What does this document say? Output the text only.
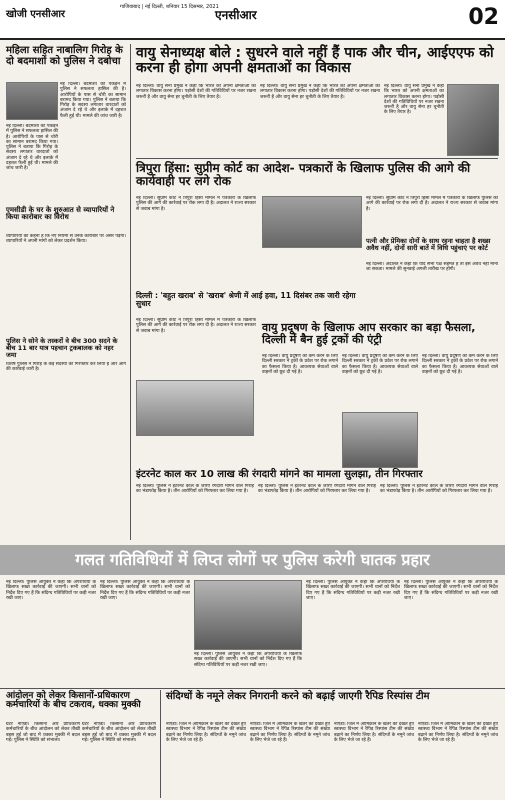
खोजी एनसीआर
गाजियाबाद | नई दिल्ली, शनिवार 15 दिसम्बर, 2021
एनसीआर	02
महिला सहित नाबालिग गिरोह के दो बदमाशों को पुलिस ने दबोचा
नई दिल्ली। बदमाशों को पकड़ने में पुलिस ने सफलता हासिल की है। आरोपियों के पास से चोरी का सामान बरामद किया गया। पुलिस ने बताया कि गिरोह के सदस्य लगातार वारदातों को अंजाम दे रहे थे और इलाके में दहशत फैली हुई थी। मामले की जांच जारी है।
नई दिल्ली। बदमाशों को पकड़ने में पुलिस ने सफलता हासिल की है। आरोपियों के पास से चोरी का सामान बरामद किया गया। पुलिस ने बताया कि गिरोह के सदस्य लगातार वारदातों को अंजाम दे रहे थे और इलाके में दहशत फैली हुई थी। मामले की जांच जारी है।
एमसीडी के घर के शुरुआत से व्यापारियों ने किया कारोबार का विरोध
व्यापारियों का कहना है कि नए नियमों से उनके कारोबार पर असर पड़ेगा। व्यापारियों ने अपनी मांगों को लेकर प्रदर्शन किया।
पुलिस ने सोने के तस्करों वे बीच 300 सदने के बीच 11 बार यात्र पहचान ट्रकबालक को नहर जमा
विशेष पुलिस ने गिरोह के कई सदस्यों को गिरफ्तार कर लिया है और आगे की कार्रवाई जारी है।
वायु सेनाध्यक्ष बोले : सुधरने वाले नहीं हैं पाक और चीन, आईएएफ को करना ही होगा अपनी क्षमताओं का विकास
नई दिल्ली। वायु सेना प्रमुख ने कहा कि भारत को अपनी क्षमताओं का लगातार विकास करना होगा। पड़ोसी देशों की गतिविधियों पर नजर रखना जरूरी है और वायु सेना हर चुनौती के लिए तैयार है।
नई दिल्ली। वायु सेना प्रमुख ने कहा कि भारत को अपनी क्षमताओं का लगातार विकास करना होगा। पड़ोसी देशों की गतिविधियों पर नजर रखना जरूरी है और वायु सेना हर चुनौती के लिए तैयार है।
नई दिल्ली। वायु सेना प्रमुख ने कहा कि भारत को अपनी क्षमताओं का लगातार विकास करना होगा। पड़ोसी देशों की गतिविधियों पर नजर रखना जरूरी है और वायु सेना हर चुनौती के लिए तैयार है।
त्रिपुरा हिंसा: सुप्रीम कोर्ट का आदेश- पत्रकारों के खिलाफ पुलिस की आगे की कार्यवाही पर लगे रोक
नई दिल्ली। सुप्रीम कोर्ट ने त्रिपुरा हिंसा मामले में पत्रकारों के खिलाफ पुलिस की आगे की कार्रवाई पर रोक लगा दी है। अदालत ने राज्य सरकार से जवाब मांगा है।
नई दिल्ली। सुप्रीम कोर्ट ने त्रिपुरा हिंसा मामले में पत्रकारों के खिलाफ पुलिस की आगे की कार्रवाई पर रोक लगा दी है। अदालत ने राज्य सरकार से जवाब मांगा है।
पत्नी और प्रेमिका दोनों के साथ रहना चाहता है शख्स अवैध नहीं, दोनों सारी बातें में विधि पहुंचाएं पर कोर्ट
नई दिल्ली। अदालत ने कहा कि यदि सभी पक्ष सहमत हैं तो इसे अवैध नहीं माना जा सकता। मामले की सुनवाई अगली तारीख पर होगी।
दिल्ली : 'बहुत खराब' से 'खराब' श्रेणी में आई हवा, 11 दिसंबर तक जारी रहेगा सुधार
नई दिल्ली। सुप्रीम कोर्ट ने त्रिपुरा हिंसा मामले में पत्रकारों के खिलाफ पुलिस की आगे की कार्रवाई पर रोक लगा दी है। अदालत ने राज्य सरकार से जवाब मांगा है।	वायु प्रदूषण के खिलाफ आप सरकार का बड़ा फैसला, दिल्ली में बैन हुई ट्रकों की एंट्री
नई दिल्ली। वायु प्रदूषण को कम करने के लिए दिल्ली सरकार ने ट्रकों के प्रवेश पर रोक लगाने का फैसला किया है। आवश्यक सेवाओं वाले वाहनों को छूट दी गई है।
नई दिल्ली। वायु प्रदूषण को कम करने के लिए दिल्ली सरकार ने ट्रकों के प्रवेश पर रोक लगाने का फैसला किया है। आवश्यक सेवाओं वाले वाहनों को छूट दी गई है।
नई दिल्ली। वायु प्रदूषण को कम करने के लिए दिल्ली सरकार ने ट्रकों के प्रवेश पर रोक लगाने का फैसला किया है। आवश्यक सेवाओं वाले वाहनों को छूट दी गई है।
इंटरनेट काल कर 10 लाख की रंगदारी मांगने का मामला सुलझा, तीन गिरफ्तार
नई दिल्ली। पुलिस ने इंटरनेट कॉल के जरिए रंगदारी मांगने वाले गिरोह का भंडाफोड़ किया है। तीन आरोपियों को गिरफ्तार कर लिया गया है।
नई दिल्ली। पुलिस ने इंटरनेट कॉल के जरिए रंगदारी मांगने वाले गिरोह का भंडाफोड़ किया है। तीन आरोपियों को गिरफ्तार कर लिया गया है।
नई दिल्ली। पुलिस ने इंटरनेट कॉल के जरिए रंगदारी मांगने वाले गिरोह का भंडाफोड़ किया है। तीन आरोपियों को गिरफ्तार कर लिया गया है।
गलत गतिविधियों में लिप्त लोगों पर पुलिस करेगी घातक प्रहार
नई दिल्ली। पुलिस आयुक्त ने कहा कि अपराधियों के खिलाफ सख्त कार्रवाई की जाएगी। सभी थानों को निर्देश दिए गए हैं कि संदिग्ध गतिविधियों पर कड़ी नजर रखी जाए।
नई दिल्ली। पुलिस आयुक्त ने कहा कि अपराधियों के खिलाफ सख्त कार्रवाई की जाएगी। सभी थानों को निर्देश दिए गए हैं कि संदिग्ध गतिविधियों पर कड़ी नजर रखी जाए।
नई दिल्ली। पुलिस आयुक्त ने कहा कि अपराधियों के खिलाफ सख्त कार्रवाई की जाएगी। सभी थानों को निर्देश दिए गए हैं कि संदिग्ध गतिविधियों पर कड़ी नजर रखी जाए।
नई दिल्ली। पुलिस आयुक्त ने कहा कि अपराधियों के खिलाफ सख्त कार्रवाई की जाएगी। सभी थानों को निर्देश दिए गए हैं कि संदिग्ध गतिविधियों पर कड़ी नजर रखी जाए।
नई दिल्ली। पुलिस आयुक्त ने कहा कि अपराधियों के खिलाफ सख्त कार्रवाई की जाएगी। सभी थानों को निर्देश दिए गए हैं कि संदिग्ध गतिविधियों पर कड़ी नजर रखी जाए।
आंदोलन को लेकर किसानों-प्रधिकारण कर्मचारियों के बीच टकराव, धक्का मुक्की
ग्रेटर नोएडा। किसानों और प्राधिकरण कर्मचारियों के बीच आंदोलन को लेकर तीखी बहस हुई जो बाद में धक्का मुक्की में बदल गई। पुलिस ने स्थिति को संभाला।
ग्रेटर नोएडा। किसानों और प्राधिकरण कर्मचारियों के बीच आंदोलन को लेकर तीखी बहस हुई जो बाद में धक्का मुक्की में बदल गई। पुलिस ने स्थिति को संभाला।
संदिग्धों के नमूने लेकर निगरानी करने को बढ़ाई जाएगी रैपिड रिस्पांस टीम
नोएडा। जिले में ओमिक्रॉन के खतरे को देखते हुए स्वास्थ्य विभाग ने रैपिड रिस्पांस टीम की संख्या बढ़ाने का निर्णय लिया है। संदिग्धों के नमूने जांच के लिए भेजे जा रहे हैं।
नोएडा। जिले में ओमिक्रॉन के खतरे को देखते हुए स्वास्थ्य विभाग ने रैपिड रिस्पांस टीम की संख्या बढ़ाने का निर्णय लिया है। संदिग्धों के नमूने जांच के लिए भेजे जा रहे हैं।
नोएडा। जिले में ओमिक्रॉन के खतरे को देखते हुए स्वास्थ्य विभाग ने रैपिड रिस्पांस टीम की संख्या बढ़ाने का निर्णय लिया है। संदिग्धों के नमूने जांच के लिए भेजे जा रहे हैं।
नोएडा। जिले में ओमिक्रॉन के खतरे को देखते हुए स्वास्थ्य विभाग ने रैपिड रिस्पांस टीम की संख्या बढ़ाने का निर्णय लिया है। संदिग्धों के नमूने जांच के लिए भेजे जा रहे हैं।
